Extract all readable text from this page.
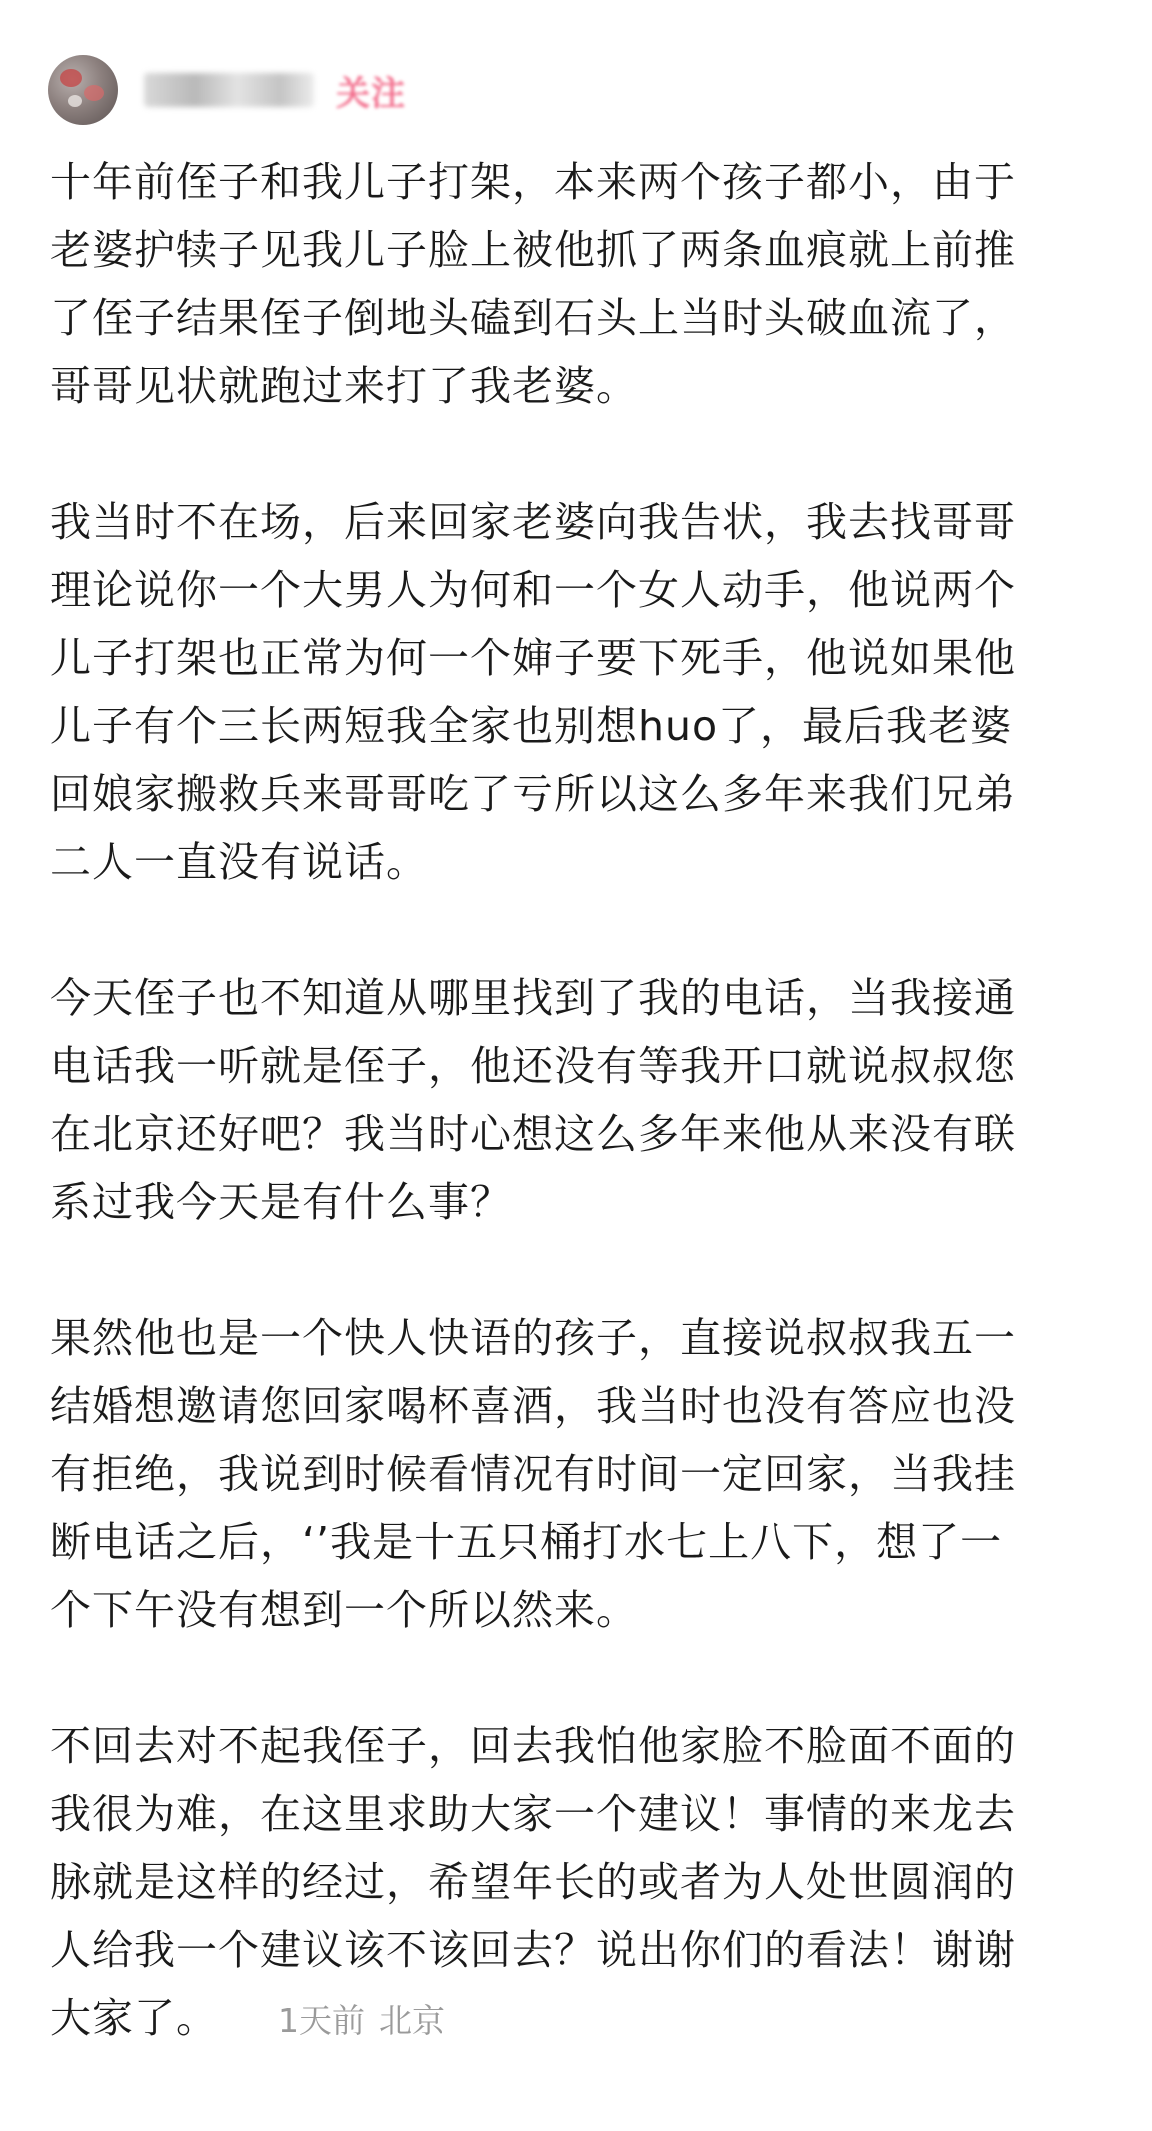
关注

十年前侄子和我儿子打架，本来两个孩子都小，由于
老婆护犊子见我儿子脸上被他抓了两条血痕就上前推
了侄子结果侄子倒地头磕到石头上当时头破血流了，
哥哥见状就跑过来打了我老婆。

我当时不在场，后来回家老婆向我告状，我去找哥哥
理论说你一个大男人为何和一个女人动手，他说两个
儿子打架也正常为何一个婶子要下死手，他说如果他
儿子有个三长两短我全家也别想huo了，最后我老婆
回娘家搬救兵来哥哥吃了亏所以这么多年来我们兄弟
二人一直没有说话。

今天侄子也不知道从哪里找到了我的电话，当我接通
电话我一听就是侄子，他还没有等我开口就说叔叔您
在北京还好吧？我当时心想这么多年来他从来没有联
系过我今天是有什么事？

果然他也是一个快人快语的孩子，直接说叔叔我五一
结婚想邀请您回家喝杯喜酒，我当时也没有答应也没
有拒绝，我说到时候看情况有时间一定回家，当我挂
断电话之后，‘’我是十五只桶打水七上八下，想了一
个下午没有想到一个所以然来。

不回去对不起我侄子，回去我怕他家脸不脸面不面的
我很为难，在这里求助大家一个建议！事情的来龙去
脉就是这样的经过，希望年长的或者为人处世圆润的
人给我一个建议该不该回去？说出你们的看法！谢谢
大家了。 1天前 北京
